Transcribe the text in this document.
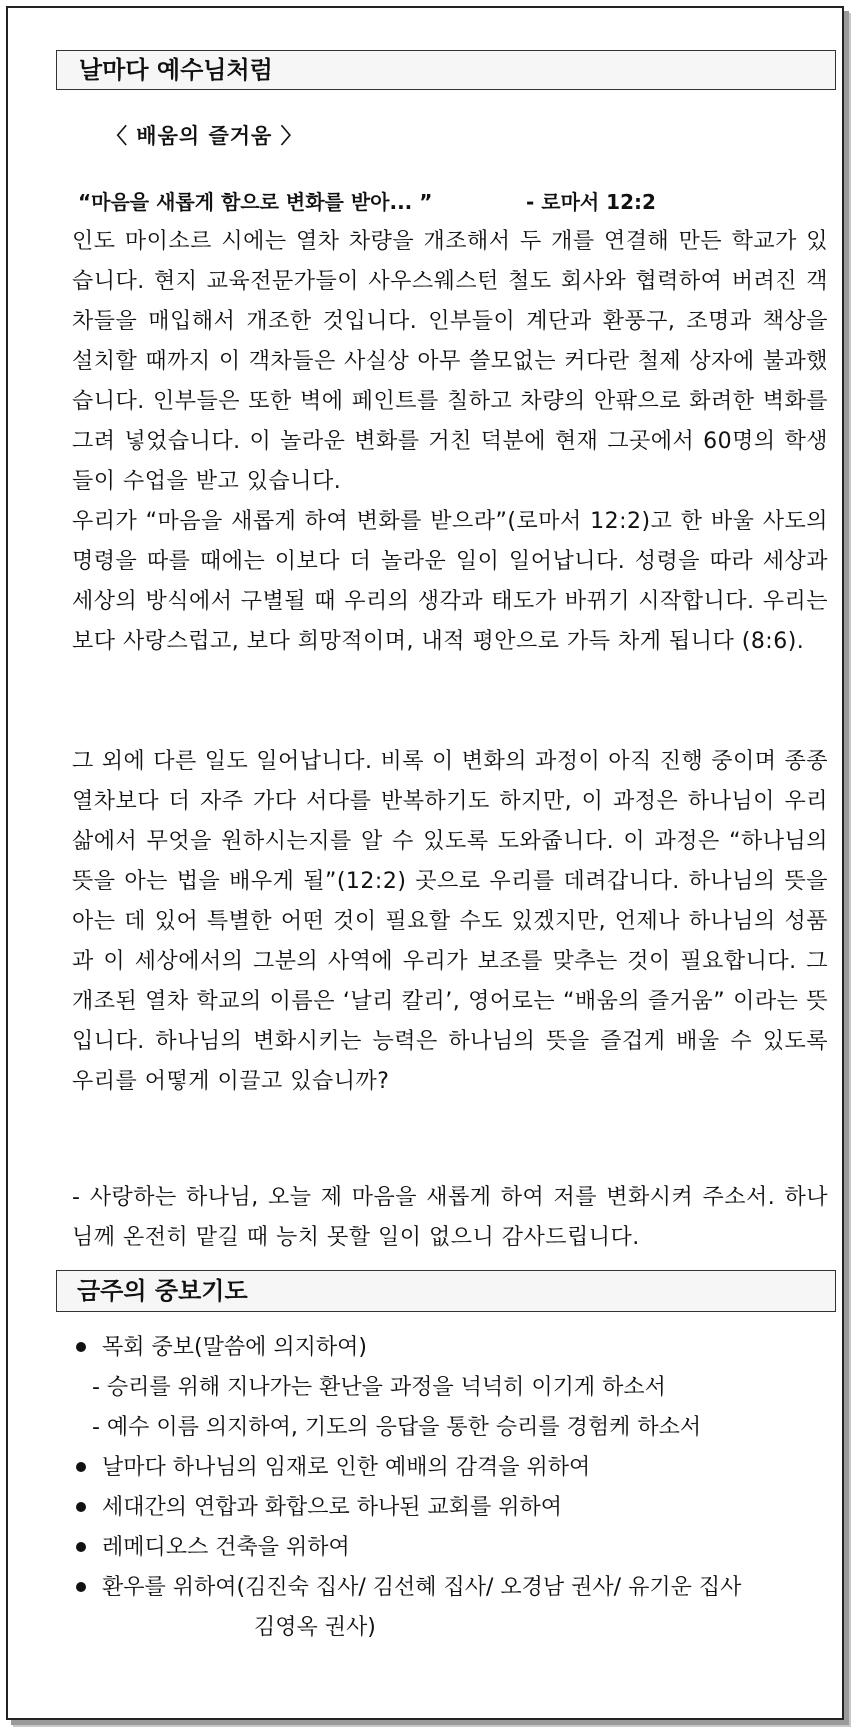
날마다 예수님처럼
〈 배움의 즐거움 〉
“마음을 새롭게 함으로 변화를 받아... ”	- 로마서 12:2
인도 마이소르 시에는 열차 차량을 개조해서 두 개를 연결해 만든 학교가 있습니다. 현지 교육전문가들이 사우스웨스턴 철도 회사와 협력하여 버려진 객차들을 매입해서 개조한 것입니다. 인부들이 계단과 환풍구, 조명과 책상을 설치할 때까지 이 객차들은 사실상 아무 쓸모없는 커다란 철제 상자에 불과했습니다. 인부들은 또한 벽에 페인트를 칠하고 차량의 안팎으로 화려한 벽화를 그려 넣었습니다. 이 놀라운 변화를 거친 덕분에 현재 그곳에서 60명의 학생들이 수업을 받고 있습니다.
우리가 “마음을 새롭게 하여 변화를 받으라”(로마서 12:2)고 한 바울 사도의 명령을 따를 때에는 이보다 더 놀라운 일이 일어납니다. 성령을 따라 세상과 세상의 방식에서 구별될 때 우리의 생각과 태도가 바뀌기 시작합니다. 우리는 보다 사랑스럽고, 보다 희망적이며, 내적 평안으로 가득 차게 됩니다 (8:6).
그 외에 다른 일도 일어납니다. 비록 이 변화의 과정이 아직 진행 중이며 종종 열차보다 더 자주 가다 서다를 반복하기도 하지만, 이 과정은 하나님이 우리 삶에서 무엇을 원하시는지를 알 수 있도록 도와줍니다. 이 과정은 “하나님의 뜻을 아는 법을 배우게 될”(12:2) 곳으로 우리를 데려갑니다. 하나님의 뜻을 아는 데 있어 특별한 어떤 것이 필요할 수도 있겠지만, 언제나 하나님의 성품과 이 세상에서의 그분의 사역에 우리가 보조를 맞추는 것이 필요합니다. 그 개조된 열차 학교의 이름은 ‘날리 칼리’, 영어로는 “배움의 즐거움” 이라는 뜻입니다. 하나님의 변화시키는 능력은 하나님의 뜻을 즐겁게 배울 수 있도록 우리를 어떻게 이끌고 있습니까?
- 사랑하는 하나님, 오늘 제 마음을 새롭게 하여 저를 변화시켜 주소서. 하나님께 온전히 맡길 때 능치 못할 일이 없으니 감사드립니다.
금주의 중보기도
목회 중보(말씀에 의지하여)
- 승리를 위해 지나가는 환난을 과정을 넉넉히 이기게 하소서
- 예수 이름 의지하여, 기도의 응답을 통한 승리를 경험케 하소서
날마다 하나님의 임재로 인한 예배의 감격을 위하여
세대간의 연합과 화합으로 하나된 교회를 위하여
레메디오스 건축을 위하여
환우를 위하여(김진숙 집사/ 김선혜 집사/ 오경남 권사/ 유기운 집사
김영옥 권사)
